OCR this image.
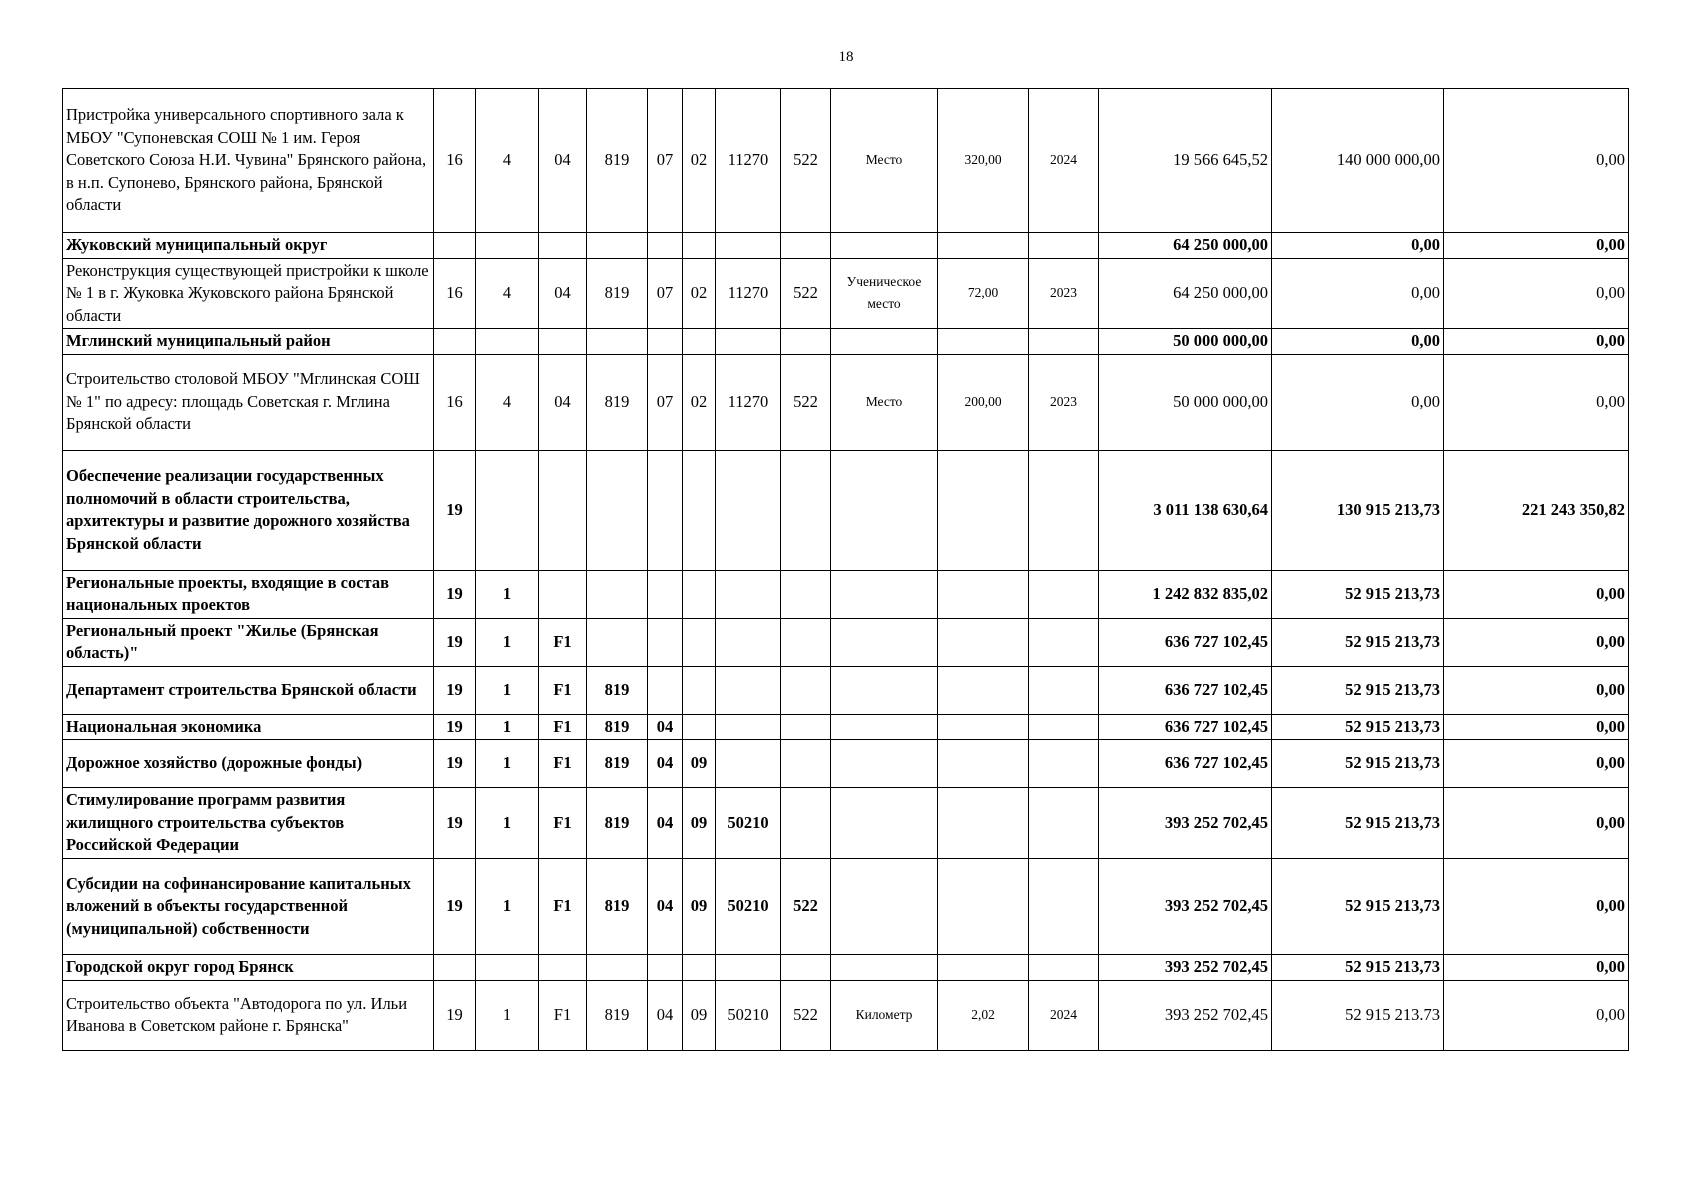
18
Пристройка универсального спортивного зала к МБОУ "Супоневская СОШ № 1 им. Героя Советского Союза Н.И. Чувина" Брянского района, в н.п. Супонево, Брянского района, Брянской области	16	4	04	819	07	02	11270	522	Место	320,00	2024	19 566 645,52	140 000 000,00	0,00
Жуковский муниципальный округ												64 250 000,00	0,00	0,00
Реконструкция существующей пристройки к школе № 1 в г. Жуковка Жуковского района Брянской области	16	4	04	819	07	02	11270	522	Ученическое место	72,00	2023	64 250 000,00	0,00	0,00
Мглинский муниципальный район												50 000 000,00	0,00	0,00
Строительство столовой МБОУ "Мглинская СОШ № 1" по адресу: площадь Советская г. Мглина Брянской области	16	4	04	819	07	02	11270	522	Место	200,00	2023	50 000 000,00	0,00	0,00
Обеспечение реализации государственных полномочий в области строительства, архитектуры и развитие дорожного хозяйства Брянской области	19											3 011 138 630,64	130 915 213,73	221 243 350,82
Региональные проекты, входящие в состав национальных проектов	19	1										1 242 832 835,02	52 915 213,73	0,00
Региональный проект "Жилье (Брянская область)"	19	1	F1									636 727 102,45	52 915 213,73	0,00
Департамент строительства Брянской области	19	1	F1	819								636 727 102,45	52 915 213,73	0,00
Национальная экономика	19	1	F1	819	04							636 727 102,45	52 915 213,73	0,00
Дорожное хозяйство (дорожные фонды)	19	1	F1	819	04	09						636 727 102,45	52 915 213,73	0,00
Стимулирование программ развития жилищного строительства субъектов Российской Федерации	19	1	F1	819	04	09	50210					393 252 702,45	52 915 213,73	0,00
Субсидии на софинансирование капитальных вложений в объекты государственной (муниципальной) собственности	19	1	F1	819	04	09	50210	522				393 252 702,45	52 915 213,73	0,00
Городской округ город Брянск												393 252 702,45	52 915 213,73	0,00
Строительство объекта "Автодорога по ул. Ильи Иванова в Советском районе г. Брянска"	19	1	F1	819	04	09	50210	522	Километр	2,02	2024	393 252 702,45	52 915 213.73	0,00
